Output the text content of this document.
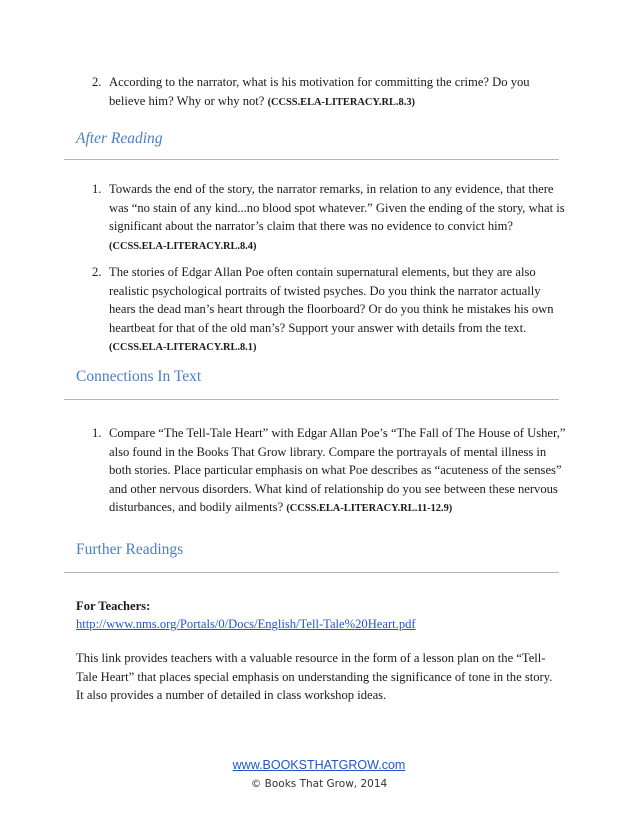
2. According to the narrator, what is his motivation for committing the crime? Do you believe him? Why or why not? (CCSS.ELA-LITERACY.RL.8.3)
After Reading
1. Towards the end of the story, the narrator remarks, in relation to any evidence, that there was “no stain of any kind...no blood spot whatever.” Given the ending of the story, what is significant about the narrator’s claim that there was no evidence to convict him?
(CCSS.ELA-LITERACY.RL.8.4)
2. The stories of Edgar Allan Poe often contain supernatural elements, but they are also realistic psychological portraits of twisted psyches. Do you think the narrator actually hears the dead man’s heart through the floorboard? Or do you think he mistakes his own heartbeat for that of the old man’s? Support your answer with details from the text.
(CCSS.ELA-LITERACY.RL.8.1)
Connections In Text
1. Compare “The Tell-Tale Heart” with Edgar Allan Poe’s “The Fall of The House of Usher,” also found in the Books That Grow library. Compare the portrayals of mental illness in both stories. Place particular emphasis on what Poe describes as “acuteness of the senses” and other nervous disorders. What kind of relationship do you see between these nervous disturbances, and bodily ailments? (CCSS.ELA-LITERACY.RL.11-12.9)
Further Readings
For Teachers:
http://www.nms.org/Portals/0/Docs/English/Tell-Tale%20Heart.pdf
This link provides teachers with a valuable resource in the form of a lesson plan on the “Tell-Tale Heart” that places special emphasis on understanding the significance of tone in the story. It also provides a number of detailed in class workshop ideas.
www.BOOKSTHATGROW.com
© Books That Grow, 2014
